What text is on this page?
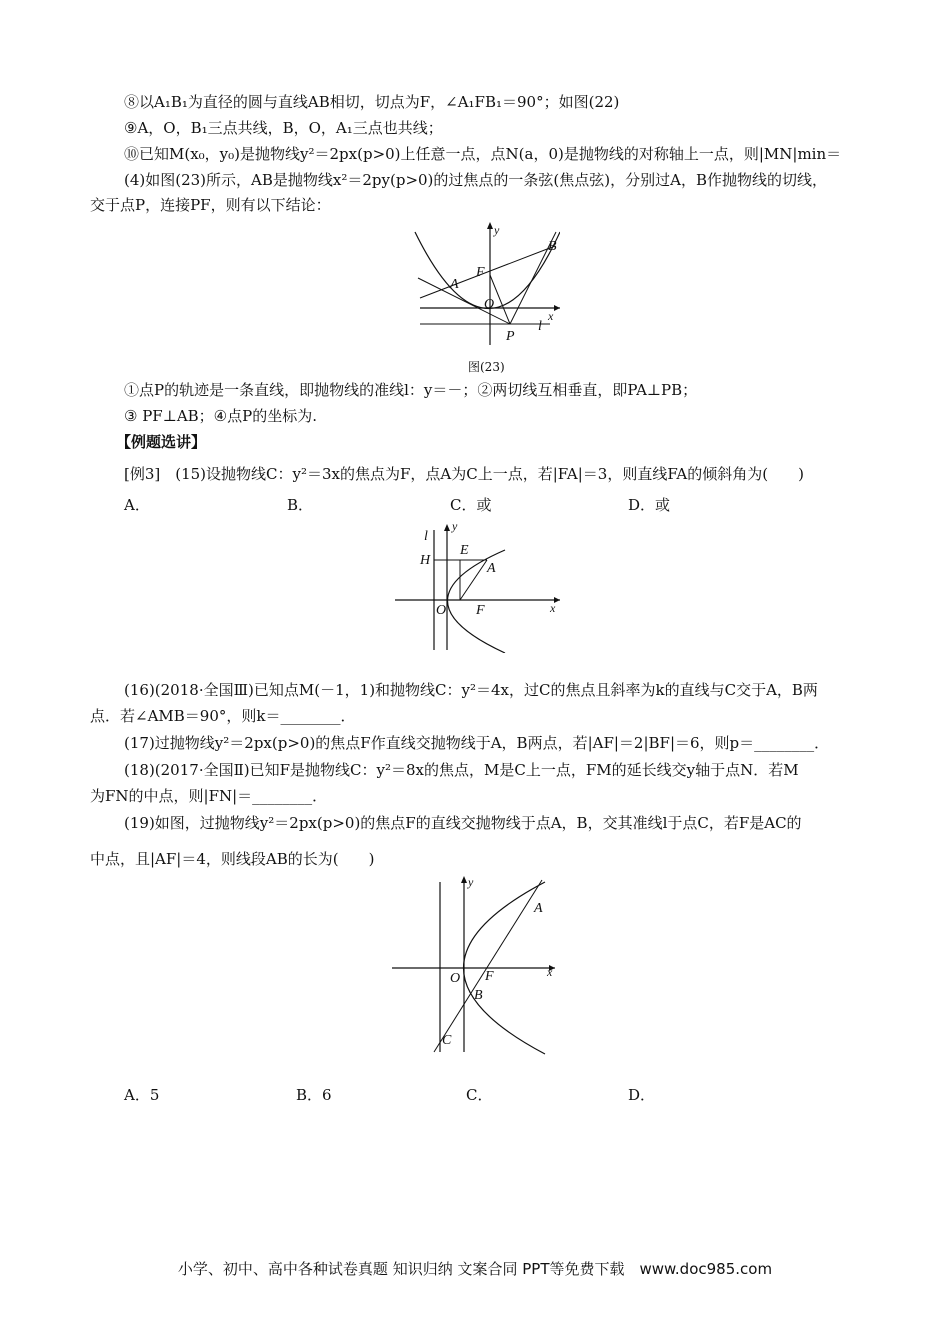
⑧以A₁B₁为直径的圆与直线AB相切，切点为F，∠A₁FB₁＝90°；如图(22)
⑨A，O，B₁三点共线，B，O，A₁三点也共线；
⑩已知M(x₀，y₀)是抛物线y²＝2px(p>0)上任意一点，点N(a，0)是抛物线的对称轴上一点，则|MN|min＝
(4)如图(23)所示，AB是抛物线x²＝2py(p>0)的过焦点的一条弦(焦点弦)，分别过A，B作抛物线的切线，
交于点P，连接PF，则有以下结论：
y
x
A
B
F
O
P
l
图(23)
①点P的轨迹是一条直线，即抛物线的准线l：y＝－；②两切线互相垂直，即PA⊥PB；
③ PF⊥AB；④点P的坐标为.
【例题选讲】
[例3]　(15)设抛物线C：y²＝3x的焦点为F，点A为C上一点，若|FA|＝3，则直线FA的倾斜角为(　　)
A．	B．	C．或	D．或
l
y
H
E
A
O F	x
(16)(2018·全国Ⅲ)已知点M(－1，1)和抛物线C：y²＝4x，过C的焦点且斜率为k的直线与C交于A，B两
点．若∠AMB＝90°，则k＝________．
(17)过抛物线y²＝2px(p>0)的焦点F作直线交抛物线于A，B两点，若|AF|＝2|BF|＝6，则p＝________．
(18)(2017·全国Ⅱ)已知F是抛物线C：y²＝8x的焦点，M是C上一点，FM的延长线交y轴于点N．若M
为FN的中点，则|FN|＝________．
(19)如图，过抛物线y²＝2px(p>0)的焦点F的直线交抛物线于点A，B，交其准线l于点C，若F是AC的
中点，且|AF|＝4，则线段AB的长为(　　)
y
A
O F	x
B
C
A．5	B．6	C．	D．
小学、初中、高中各种试卷真题 知识归纳 文案合同 PPT等免费下载　www.doc985.com
